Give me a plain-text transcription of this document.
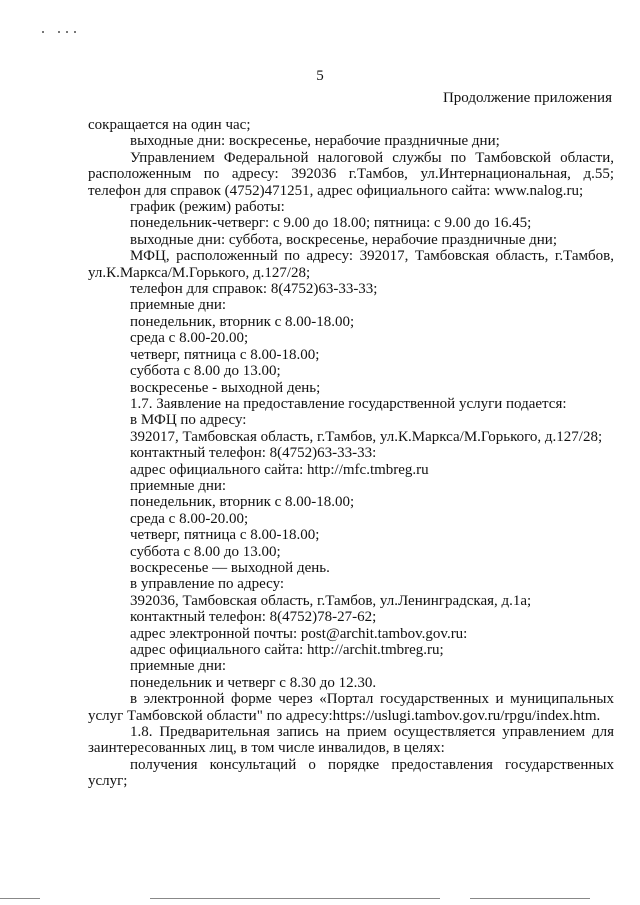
5
Продолжение приложения

сокращается на один час;

выходные дни: воскресенье, нерабочие праздничные дни;

Управлением Федеральной налоговой службы по Тамбовской области,

расположенным по адресу: 392036 г.Тамбов, ул.Интернациональная, д.55;

телефон для справок (4752)471251, адрес официального сайта: www.nalog.ru;

график (режим) работы:

понедельник-четверг: с 9.00 до 18.00; пятница: с 9.00 до 16.45;

выходные дни: суббота, воскресенье, нерабочие праздничные дни;

МФЦ, расположенный по адресу: 392017, Тамбовская область, г.Тамбов,

ул.К.Маркса/М.Горького, д.127/28;

телефон для справок: 8(4752)63-33-33;

приемные дни:

понедельник, вторник с 8.00-18.00;

среда с 8.00-20.00;

четверг, пятница с 8.00-18.00;

суббота с 8.00 до 13.00;

воскресенье - выходной день;

1.7. Заявление на предоставление государственной услуги подается:

в МФЦ по адресу:

392017, Тамбовская область, г.Тамбов, ул.К.Маркса/М.Горького, д.127/28;

контактный телефон: 8(4752)63-33-33:

адрес официального сайта: http://mfc.tmbreg.ru

приемные дни:

понедельник, вторник с 8.00-18.00;

среда с 8.00-20.00;

четверг, пятница с 8.00-18.00;

суббота с 8.00 до 13.00;

воскресенье — выходной день.

в управление по адресу:

392036, Тамбовская область, г.Тамбов, ул.Ленинградская, д.1а;

контактный телефон: 8(4752)78-27-62;

адрес электронной почты: post@archit.tambov.gov.ru:

адрес официального сайта: http://archit.tmbreg.ru;

приемные дни:

понедельник и четверг с 8.30 до 12.30.

в электронной форме через «Портал государственных и муниципальных

услуг Тамбовской области" по адресу:https://uslugi.tambov.gov.ru/rpgu/index.htm.

1.8. Предварительная запись на прием осуществляется управлением для

заинтересованных лиц, в том числе инвалидов, в целях:

получения консультаций о порядке предоставления государственных

услуг;
